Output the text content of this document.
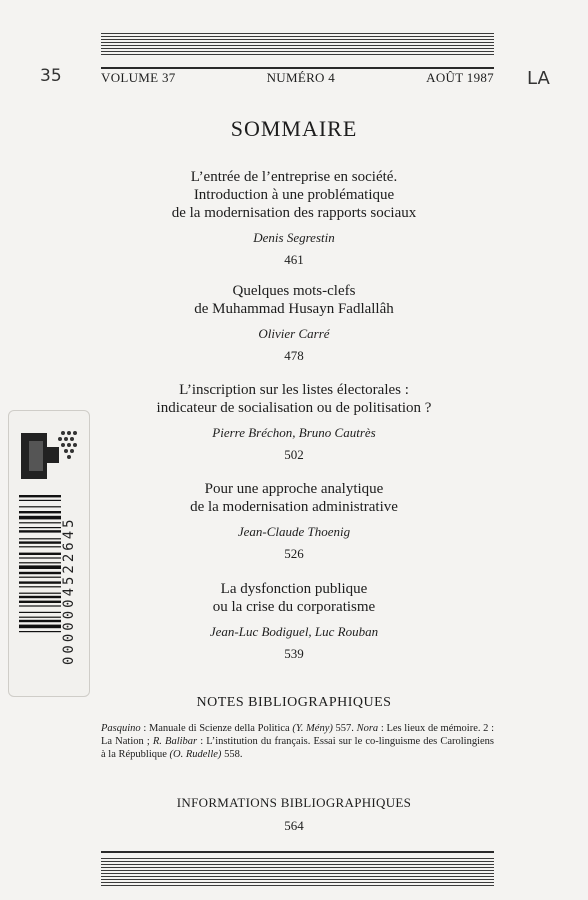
35	LA
VOLUME 37	NUMÉRO 4	AOÛT 1987
SOMMAIRE
L’entrée de l’entreprise en société.
Introduction à une problématique
de la modernisation des rapports sociaux
Denis Segrestin
461
Quelques mots-clefs
de Muhammad Husayn Fadlallâh
Olivier Carré
478
L’inscription sur les listes électorales :
indicateur de socialisation ou de politisation ?
Pierre Bréchon, Bruno Cautrès
502
Pour une approche analytique
de la modernisation administrative
Jean-Claude Thoenig
526
La dysfonction publique
ou la crise du corporatisme
Jean-Luc Bodiguel, Luc Rouban
539
NOTES BIBLIOGRAPHIQUES
Pasquino : Manuale di Scienze della Politica (Y. Mény) 557. Nora : Les lieux de mémoire. 2 : La Nation ; R. Balibar : L’institution du français. Essai sur le co-linguisme des Carolingiens à la République (O. Rudelle) 558.
INFORMATIONS BIBLIOGRAPHIQUES
564
0000004522645
